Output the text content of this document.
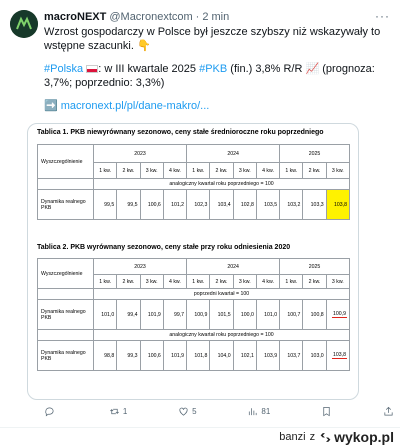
macroNEXT @Macronextcom · 2 min	···

Wzrost gospodarczy w Polsce był jeszcze szybszy niż wskazywały to wstępne szacunki. 👇

#Polska : w III kwartale 2025 #PKB (fin.) 3,8% R/R 📈 (prognoza: 3,7%; poprzednio: 3,3%)

➡️ macronext.pl/pl/dane-makro/...

Tablica 1. PKB niewyrównany sezonowo, ceny stałe średnioroczne roku poprzedniego
Wyszczególnienie	2023				2024				2025		
	1 kw.	2 kw.	3 kw.	4 kw.	1 kw.	2 kw.	3 kw.	4 kw.	1 kw.	2 kw.	3 kw.
	analogiczny kwartał roku poprzedniego = 100										
Dynamika realnego PKB	99,5	99,5	100,6	101,2	102,3	103,4	102,8	103,5	103,2	103,3	103,8
Tablica 2. PKB wyrównany sezonowo, ceny stałe przy roku odniesienia 2020
Wyszczególnienie	2023				2024				2025		
	1 kw.	2 kw.	3 kw.	4 kw.	1 kw.	2 kw.	3 kw.	4 kw.	1 kw.	2 kw.	3 kw.
	poprzedni kwartał = 100										
Dynamika realnego PKB	101,0	99,4	101,9	99,7	100,9	101,5	100,0	101,0	100,7	100,8	100,9
	analogiczny kwartał roku poprzedniego = 100										
Dynamika realnego PKB	98,8	99,3	100,6	101,9	101,8	104,0	102,1	103,9	103,7	103,0	103,8
1	5	81
banzi z wykop.pl
